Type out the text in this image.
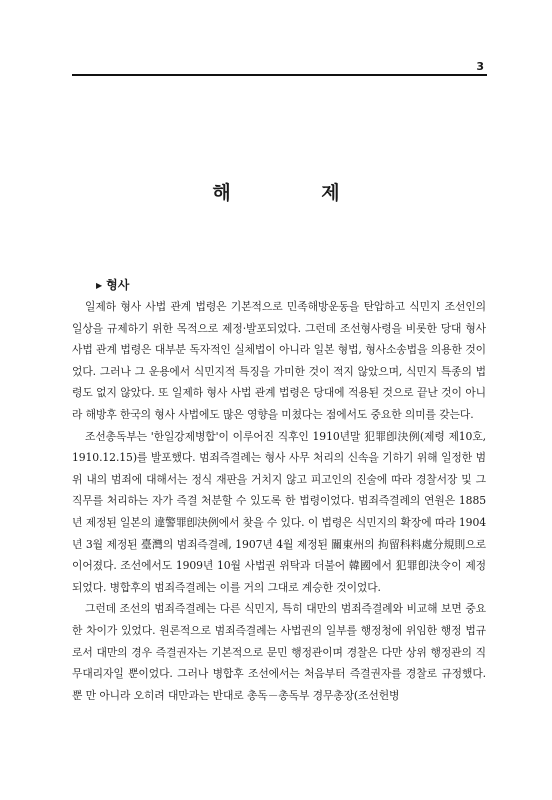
3
해 제
▶ 형사

일제하 형사 사법 관계 법령은 기본적으로 민족해방운동을 탄압하고 식민지 조선인의 일상을 규제하기 위한 목적으로 제정·발포되었다. 그런데 조선형사령을 비롯한 당대 형사 사법 관계 법령은 대부분 독자적인 실체법이 아니라 일본 형법, 형사소송법을 의용한 것이었다. 그러나 그 운용에서 식민지적 특징을 가미한 것이 적지 않았으며, 식민지 특종의 법령도 없지 않았다. 또 일제하 형사 사법 관계 법령은 당대에 적용된 것으로 끝난 것이 아니라 해방후 한국의 형사 사법에도 많은 영향을 미쳤다는 점에서도 중요한 의미를 갖는다.

조선총독부는 '한일강제병합'이 이루어진 직후인 1910년말 犯罪卽決例(제령 제10호, 1910.12.15)를 발포했다. 범죄즉결례는 형사 사무 처리의 신속을 기하기 위해 일정한 범위 내의 범죄에 대해서는 정식 재판을 거치지 않고 피고인의 진술에 따라 경찰서장 및 그 직무를 처리하는 자가 즉결 처분할 수 있도록 한 법령이었다. 범죄즉결례의 연원은 1885년 제정된 일본의 違警罪卽決例에서 찾을 수 있다. 이 법령은 식민지의 확장에 따라 1904년 3월 제정된 臺灣의 범죄즉결례, 1907년 4월 제정된 關東州의 拘留科料處分規則으로 이어졌다. 조선에서도 1909년 10월 사법권 위탁과 더불어 韓國에서 犯罪卽決令이 제정되었다. 병합후의 범죄즉결례는 이를 거의 그대로 계승한 것이었다.

그런데 조선의 범죄즉결례는 다른 식민지, 특히 대만의 범죄즉결례와 비교해 보면 중요한 차이가 있었다. 원론적으로 범죄즉결례는 사법권의 일부를 행정청에 위임한 행정 법규로서 대만의 경우 즉결권자는 기본적으로 문민 행정관이며 경찰은 다만 상위 행정관의 직무대리자일 뿐이었다. 그러나 병합후 조선에서는 처음부터 즉결권자를 경찰로 규정했다. 뿐 만 아니라 오히려 대만과는 반대로 총독－총독부 경무총장(조선헌병
